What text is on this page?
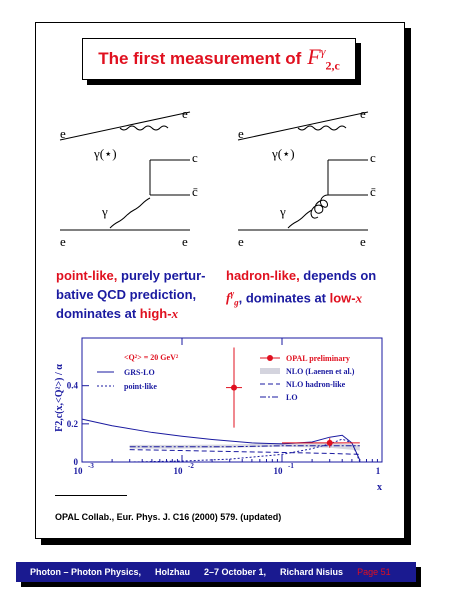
The first measurement of $F^\gamma_{2,c}$
e
e
γ(⋆)	c
c̄
γ
e	e
e
e
γ(⋆)	c
c̄
γ
e	e
point-like, purely pertur-
bative QCD prediction,
dominates at high-x
hadron-like, depends on
$f^\gamma_g$, dominates at low-x
10 -3	10 -2	10 -1	1
0
0.2
0.4
x
F2,c(x,<Q²>) / α
<Q²> = 20 GeV²
GRS-LO
point-like
OPAL preliminary
NLO (Laenen et al.)
NLO hadron-like
LO
OPAL Collab., Eur. Phys. J. C16 (2000) 579. (updated)
Photon – Photon Physics, Holzhau 2–7 October 1, Richard Nisius Page 51
